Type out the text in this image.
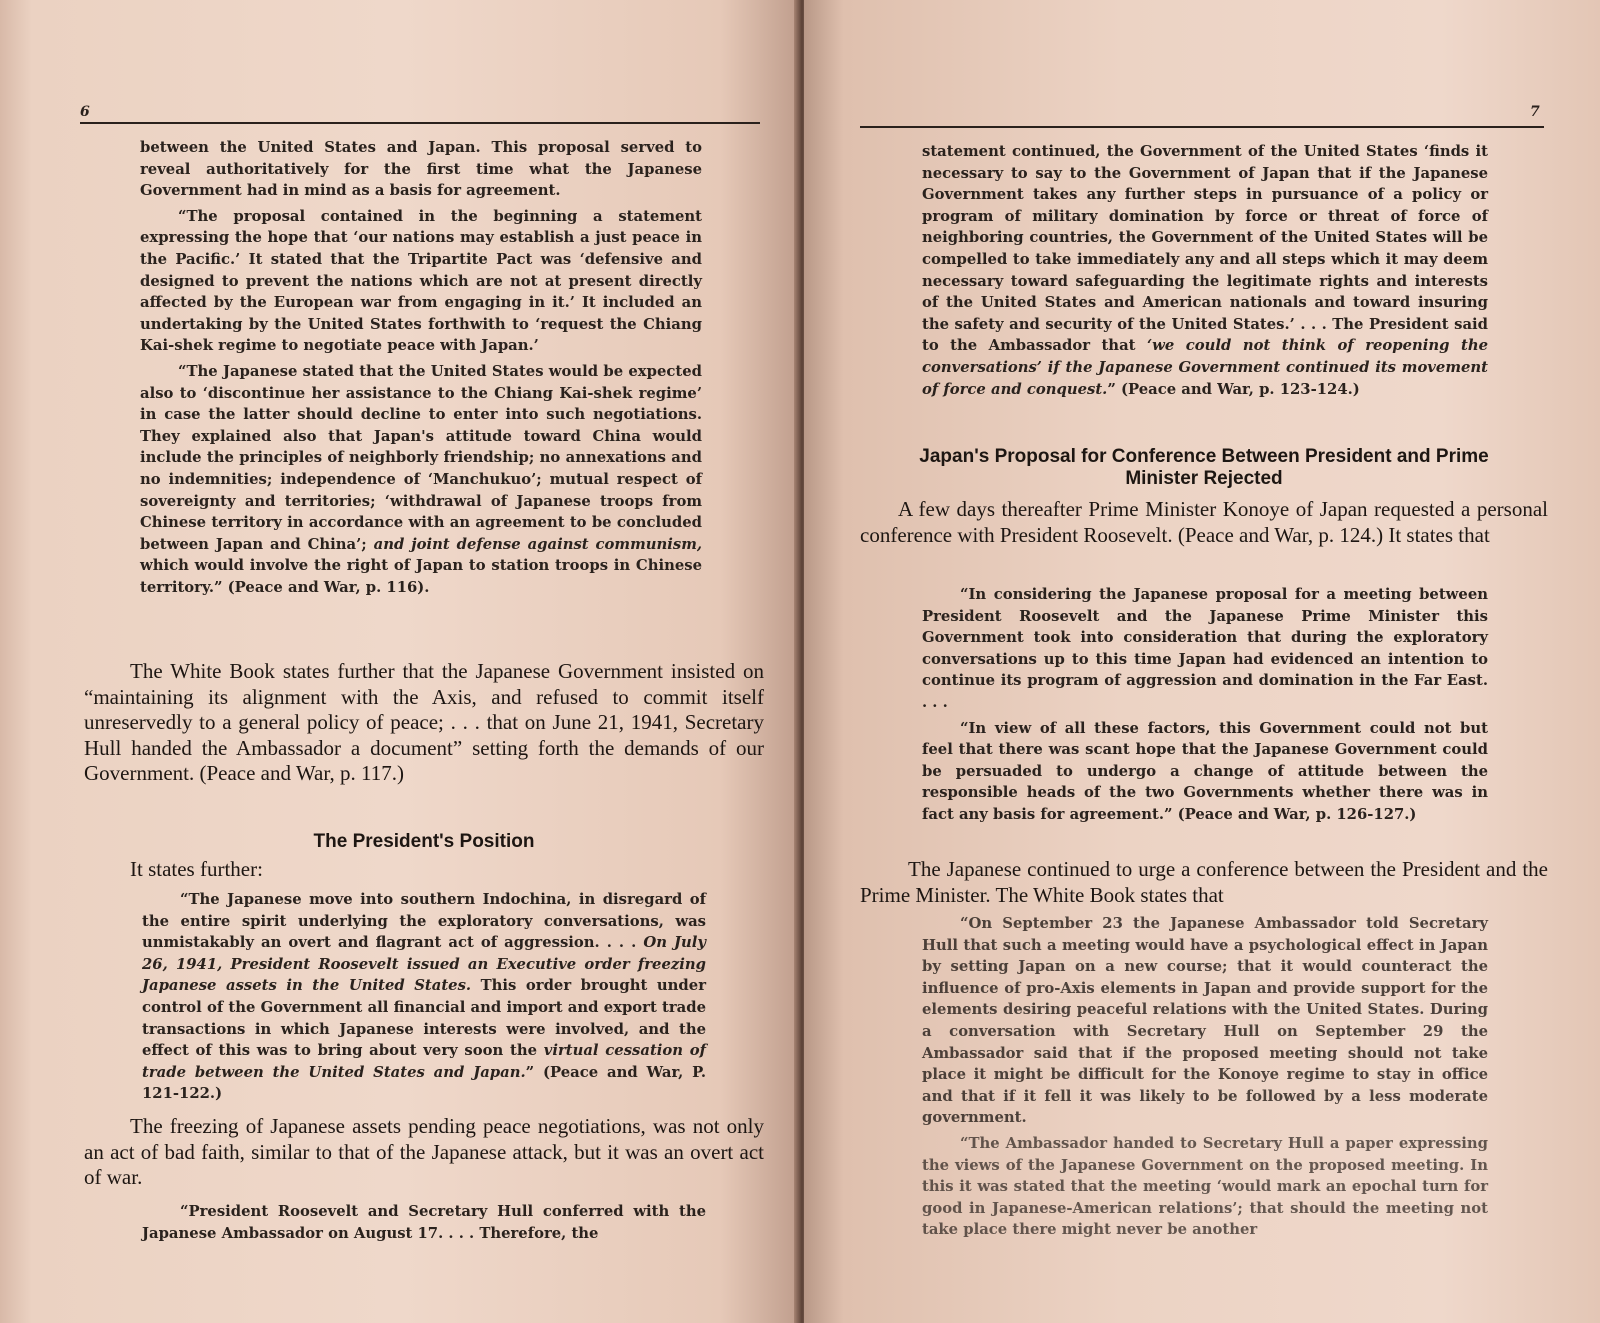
6

between the United States and Japan. This proposal served to reveal authoritatively for the first time what the Japanese Government had in mind as a basis for agreement.

“The proposal contained in the beginning a statement expressing the hope that ‘our nations may establish a just peace in the Pacific.’ It stated that the Tripartite Pact was ‘defensive and designed to prevent the nations which are not at present directly affected by the European war from engaging in it.’ It included an undertaking by the United States forthwith to ‘request the Chiang Kai-shek regime to negotiate peace with Japan.’

“The Japanese stated that the United States would be expected also to ‘discontinue her assistance to the Chiang Kai-shek regime’ in case the latter should decline to enter into such negotiations. They explained also that Japan's attitude toward China would include the principles of neighborly friendship; no annexations and no indemnities; independence of ‘Manchukuo’; mutual respect of sovereignty and territories; ‘withdrawal of Japanese troops from Chinese territory in accordance with an agreement to be concluded between Japan and China’; and joint defense against communism, which would involve the right of Japan to station troops in Chinese territory.” (Peace and War, p. 116).

The White Book states further that the Japanese Government insisted on “maintaining its alignment with the Axis, and refused to commit itself unreservedly to a general policy of peace; . . . that on June 21, 1941, Secretary Hull handed the Ambassador a document” setting forth the demands of our Government. (Peace and War, p. 117.)

The President's Position

It states further:

“The Japanese move into southern Indochina, in disregard of the entire spirit underlying the exploratory conversations, was unmistakably an overt and flagrant act of aggression. . . . On July 26, 1941, President Roosevelt issued an Executive order freezing Japanese assets in the United States. This order brought under control of the Government all financial and import and export trade transactions in which Japanese interests were involved, and the effect of this was to bring about very soon the virtual cessation of trade between the United States and Japan.” (Peace and War, P. 121-122.)

The freezing of Japanese assets pending peace negotiations, was not only an act of bad faith, similar to that of the Japanese attack, but it was an overt act of war.

“President Roosevelt and Secretary Hull conferred with the Japanese Ambassador on August 17. . . . Therefore, the

7

statement continued, the Government of the United States ‘finds it necessary to say to the Government of Japan that if the Japanese Government takes any further steps in pursuance of a policy or program of military domination by force or threat of force of neighboring countries, the Government of the United States will be compelled to take immediately any and all steps which it may deem necessary toward safeguarding the legitimate rights and interests of the United States and American nationals and toward insuring the safety and security of the United States.’ . . . The President said to the Ambassador that ‘we could not think of reopening the conversations’ if the Japanese Government continued its movement of force and conquest.” (Peace and War, p. 123-124.)

Japan's Proposal for Conference Between President and Prime Minister Rejected

A few days thereafter Prime Minister Konoye of Japan requested a personal conference with President Roosevelt. (Peace and War, p. 124.) It states that

“In considering the Japanese proposal for a meeting between President Roosevelt and the Japanese Prime Minister this Government took into consideration that during the exploratory conversations up to this time Japan had evidenced an intention to continue its program of aggression and domination in the Far East. . . .

“In view of all these factors, this Government could not but feel that there was scant hope that the Japanese Government could be persuaded to undergo a change of attitude between the responsible heads of the two Governments whether there was in fact any basis for agreement.” (Peace and War, p. 126-127.)

The Japanese continued to urge a conference between the President and the Prime Minister. The White Book states that

“On September 23 the Japanese Ambassador told Secretary Hull that such a meeting would have a psychological effect in Japan by setting Japan on a new course; that it would counteract the influence of pro-Axis elements in Japan and provide support for the elements desiring peaceful relations with the United States. During a conversation with Secretary Hull on September 29 the Ambassador said that if the proposed meeting should not take place it might be difficult for the Konoye regime to stay in office and that if it fell it was likely to be followed by a less moderate government.

“The Ambassador handed to Secretary Hull a paper expressing the views of the Japanese Government on the proposed meeting. In this it was stated that the meeting ‘would mark an epochal turn for good in Japanese-American relations’; that should the meeting not take place there might never be another
